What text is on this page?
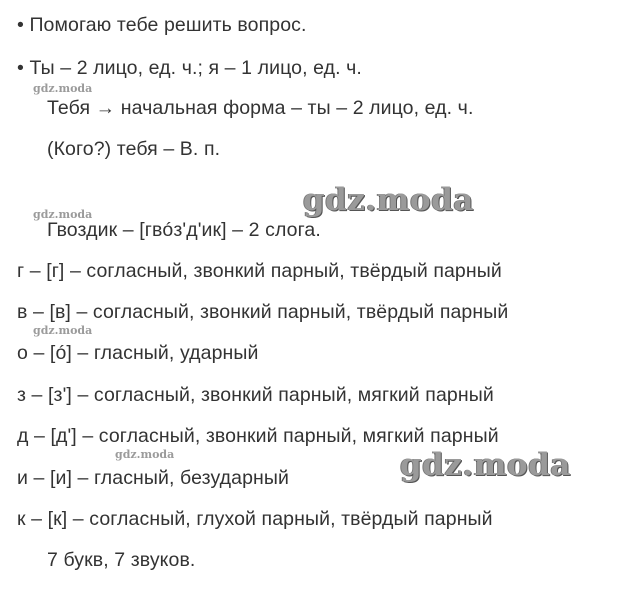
• Помогаю тебе решить вопрос.
• Ты – 2 лицо, ед. ч.; я – 1 лицо, ед. ч.
Тебя → начальная форма – ты – 2 лицо, ед. ч.
(Кого?) тебя – В. п.
Гвоздик – [гвóз'д'ик] – 2 слога.
г – [г] – согласный, звонкий парный, твёрдый парный
в – [в] – согласный, звонкий парный, твёрдый парный
о – [ó] – гласный, ударный
з – [з'] – согласный, звонкий парный, мягкий парный
д – [д'] – согласный, звонкий парный, мягкий парный
и – [и] – гласный, безударный
к – [к] – согласный, глухой парный, твёрдый парный
7 букв, 7 звуков.
gdz.moda
gdz.moda
gdz.moda
gdz.moda
gdz.moda
gdz.moda
